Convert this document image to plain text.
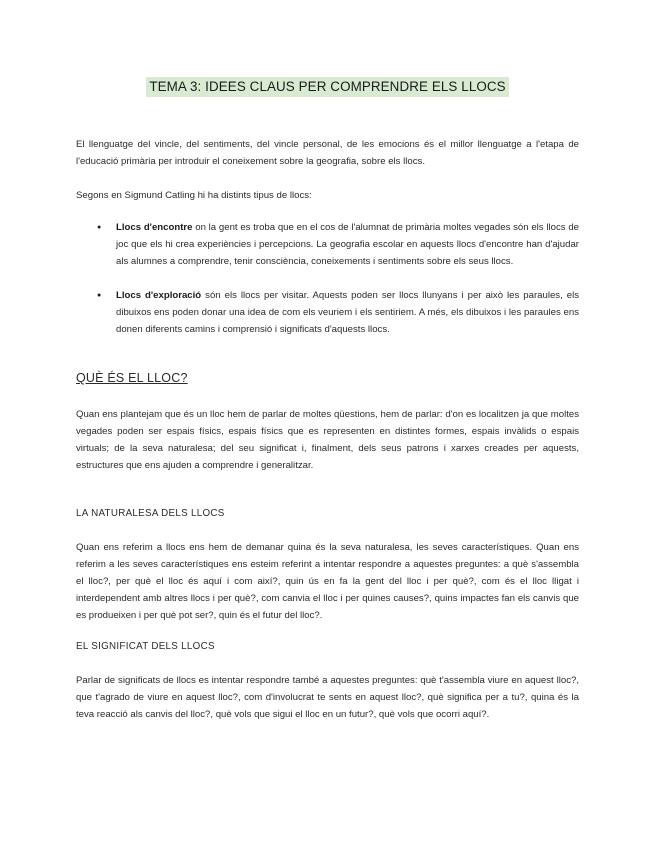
TEMA 3: IDEES CLAUS PER COMPRENDRE ELS LLOCS

El llenguatge del vincle, del sentiments, del vincle personal, de les emocions és el millor llenguatge a l'etapa de l'educació primària per introduir el coneixement sobre la geografia, sobre els llocs.

Segons en Sigmund Catling hi ha distints tipus de llocs:

● Llocs d'encontre on la gent es troba que en el cos de l'alumnat de primària moltes vegades són els llocs de joc que els hi crea experiències i percepcions. La geografia escolar en aquests llocs d'encontre han d'ajudar als alumnes a comprendre, tenir consciència, coneixements i sentiments sobre els seus llocs.
● Llocs d'exploració són els llocs per visitar. Aquests poden ser llocs llunyans i per això les paraules, els dibuixos ens poden donar una idea de com els veuriem i els sentiriem. A més, els dibuixos i les paraules ens donen diferents camins i comprensió i significats d'aquests llocs.
QUÈ ÉS EL LLOC?

Quan ens plantejam que és un lloc hem de parlar de moltes qüestions, hem de parlar: d'on es localitzen ja que moltes vegades poden ser espais físics, espais físics que es representen en distintes formes, espais invàlids o espais virtuals; de la seva naturalesa; del seu significat i, finalment, dels seus patrons i xarxes creades per aquests, estructures que ens ajuden a comprendre i generalitzar.

LA NATURALESA DELS LLOCS

Quan ens referim a llocs ens hem de demanar quina és la seva naturalesa, les seves característiques. Quan ens referim a les seves característiques ens esteim referint a intentar respondre a aquestes preguntes: a què s'assembla el lloc?, per què el lloc és aquí i com així?, quin ús en fa la gent del lloc i per què?, com és el lloc lligat i interdependent amb altres llocs i per què?, com canvia el lloc i per quines causes?, quins impactes fan els canvis que es produeixen i per què pot ser?, quin és el futur del lloc?.

EL SIGNIFICAT DELS LLOCS

Parlar de significats de llocs es intentar respondre també a aquestes preguntes: què t'assembla viure en aquest lloc?, que t'agrado de viure en aquest lloc?, com d'involucrat te sents en aquest lloc?, què significa per a tu?, quina és la teva reacció als canvis del lloc?, què vols que sigui el lloc en un futur?, què vols que ocorri aquí?.
